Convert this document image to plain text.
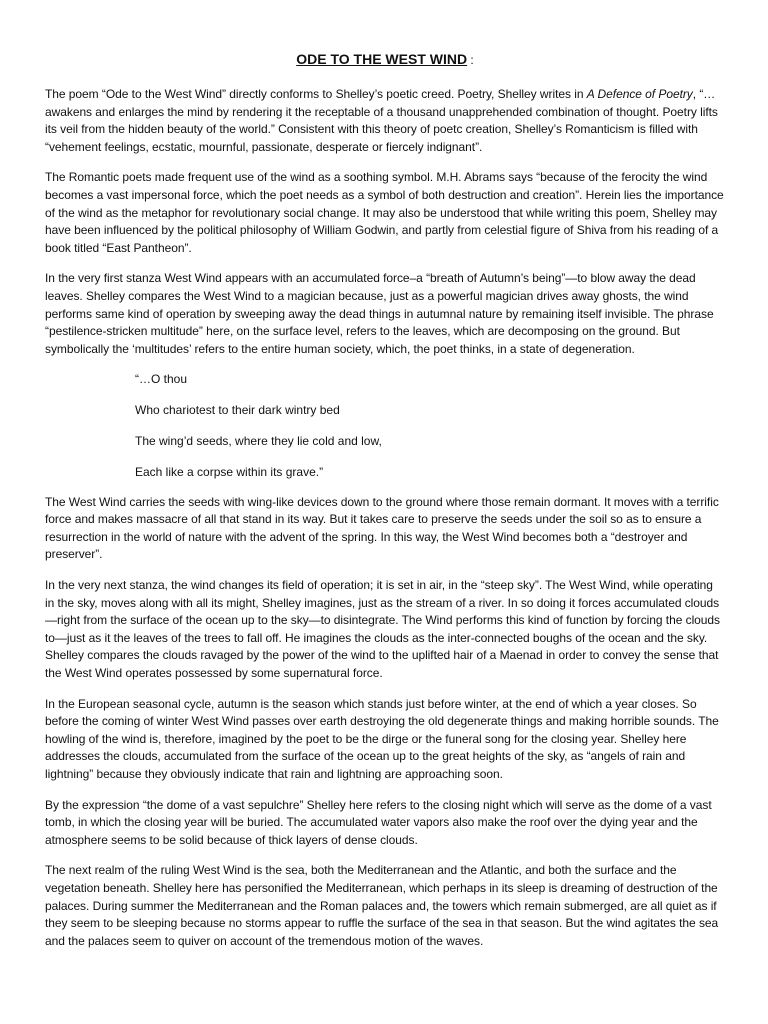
ODE TO THE WEST WIND :

The poem “Ode to the West Wind” directly conforms to Shelley’s poetic creed. Poetry, Shelley writes in A Defence of Poetry, “… awakens and enlarges the mind by rendering it the receptable of a thousand unapprehended combination of thought. Poetry lifts its veil from the hidden beauty of the world.” Consistent with this theory of poetc creation, Shelley’s Romanticism is filled with “vehement feelings, ecstatic, mournful, passionate, desperate or fiercely indignant”.

The Romantic poets made frequent use of the wind as a soothing symbol. M.H. Abrams says “because of the ferocity the wind becomes a vast impersonal force, which the poet needs as a symbol of both destruction and creation”. Herein lies the importance of the wind as the metaphor for revolutionary social change. It may also be understood that while writing this poem, Shelley may have been influenced by the political philosophy of William Godwin, and partly from celestial figure of Shiva from his reading of a book titled “East Pantheon”.

In the very first stanza West Wind appears with an accumulated force–a “breath of Autumn’s being”—to blow away the dead leaves. Shelley compares the West Wind to a magician because, just as a powerful magician drives away ghosts, the wind performs same kind of operation by sweeping away the dead things in autumnal nature by remaining itself invisible. The phrase “pestilence-stricken multitude” here, on the surface level, refers to the leaves, which are decomposing on the ground. But symbolically the ‘multitudes’ refers to the entire human society, which, the poet thinks, in a state of degeneration.

“…O thou
Who chariotest to their dark wintry bed
The wing’d seeds, where they lie cold and low,
Each like a corpse within its grave.”

The West Wind carries the seeds with wing-like devices down to the ground where those remain dormant. It moves with a terrific force and makes massacre of all that stand in its way. But it takes care to preserve the seeds under the soil so as to ensure a resurrection in the world of nature with the advent of the spring. In this way, the West Wind becomes both a “destroyer and preserver”.

In the very next stanza, the wind changes its field of operation; it is set in air, in the “steep sky”. The West Wind, while operating in the sky, moves along with all its might, Shelley imagines, just as the stream of a river. In so doing it forces accumulated clouds—right from the surface of the ocean up to the sky—to disintegrate. The Wind performs this kind of function by forcing the clouds to—just as it the leaves of the trees to fall off. He imagines the clouds as the inter-connected boughs of the ocean and the sky. Shelley compares the clouds ravaged by the power of the wind to the uplifted hair of a Maenad in order to convey the sense that the West Wind operates possessed by some supernatural force.

In the European seasonal cycle, autumn is the season which stands just before winter, at the end of which a year closes. So before the coming of winter West Wind passes over earth destroying the old degenerate things and making horrible sounds. The howling of the wind is, therefore, imagined by the poet to be the dirge or the funeral song for the closing year. Shelley here addresses the clouds, accumulated from the surface of the ocean up to the great heights of the sky, as “angels of rain and lightning” because they obviously indicate that rain and lightning are approaching soon.

By the expression “the dome of a vast sepulchre” Shelley here refers to the closing night which will serve as the dome of a vast tomb, in which the closing year will be buried. The accumulated water vapors also make the roof over the dying year and the atmosphere seems to be solid because of thick layers of dense clouds.

The next realm of the ruling West Wind is the sea, both the Mediterranean and the Atlantic, and both the surface and the vegetation beneath. Shelley here has personified the Mediterranean, which perhaps in its sleep is dreaming of destruction of the palaces. During summer the Mediterranean and the Roman palaces and, the towers which remain submerged, are all quiet as if they seem to be sleeping because no storms appear to ruffle the surface of the sea in that season. But the wind agitates the sea and the palaces seem to quiver on account of the tremendous motion of the waves.
